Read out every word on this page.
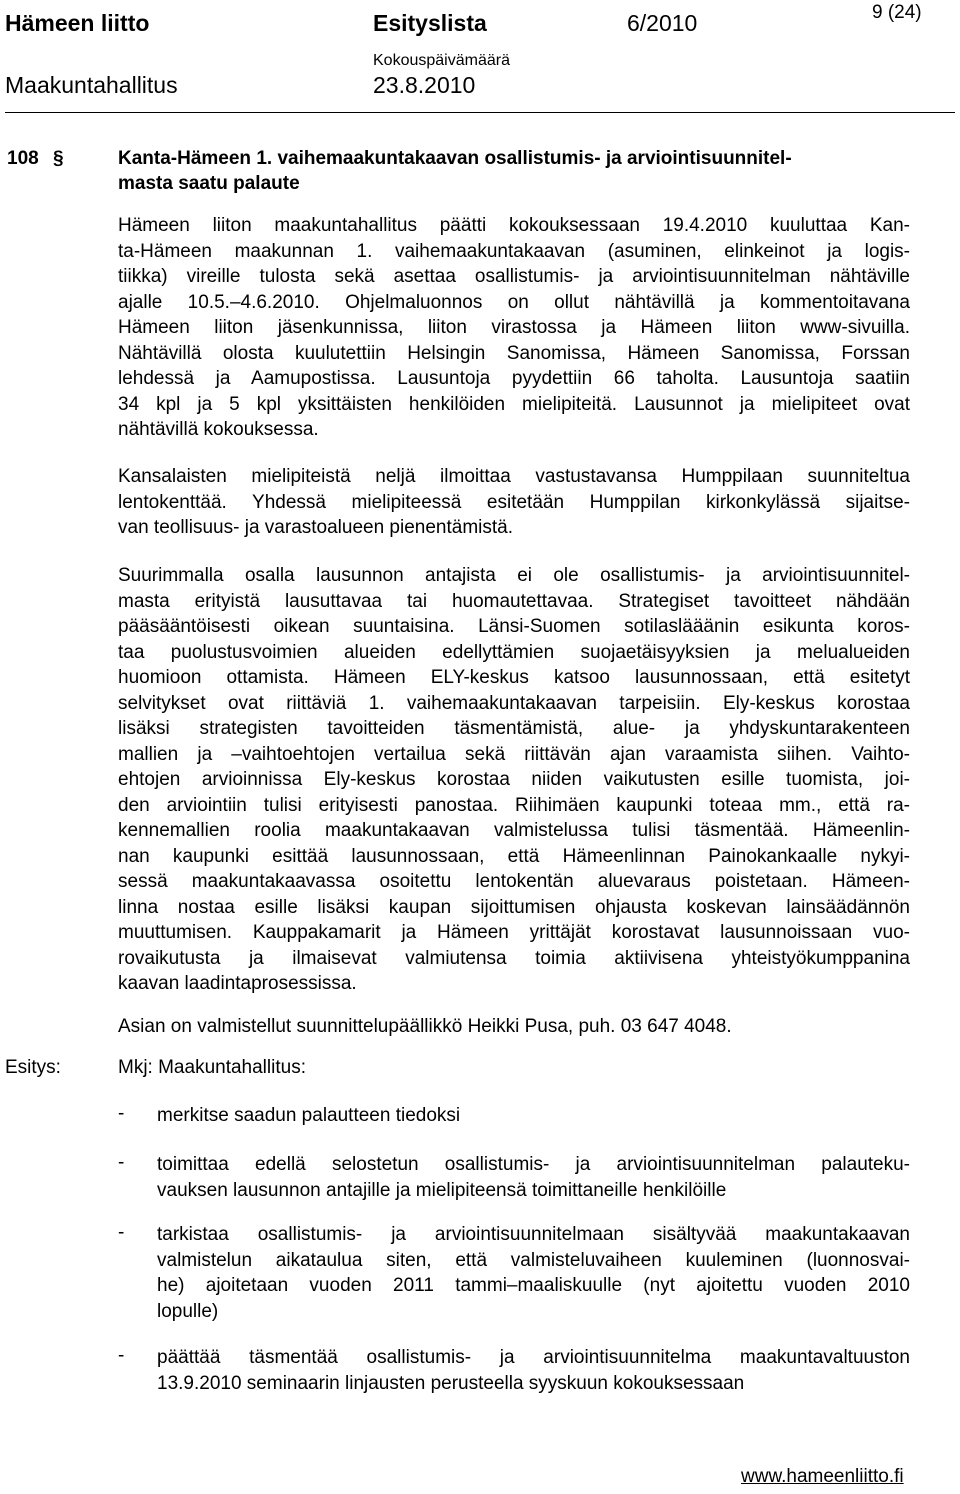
Hämeen liitto	Esityslista	6/2010	9 (24)
Maakuntahallitus
Kokouspäivämäärä
23.8.2010
108 §	Kanta-Hämeen 1. vaihemaakuntakaavan osallistumis- ja arviointisuunnitel-
masta saatu palaute
Hämeen liiton maakuntahallitus päätti kokouksessaan 19.4.2010 kuuluttaa Kan-
ta-Hämeen maakunnan 1. vaihemaakuntakaavan (asuminen, elinkeinot ja logis-
tiikka) vireille tulosta sekä asettaa osallistumis- ja arviointisuunnitelman nähtäville
ajalle 10.5.–4.6.2010. Ohjelmaluonnos on ollut nähtävillä ja kommentoitavana
Hämeen liiton jäsenkunnissa, liiton virastossa ja Hämeen liiton www-sivuilla.
Nähtävillä olosta kuulutettiin Helsingin Sanomissa, Hämeen Sanomissa, Forssan
lehdessä ja Aamupostissa. Lausuntoja pyydettiin 66 taholta. Lausuntoja saatiin
34 kpl ja 5 kpl yksittäisten henkilöiden mielipiteitä. Lausunnot ja mielipiteet ovat
nähtävillä kokouksessa.
Kansalaisten mielipiteistä neljä ilmoittaa vastustavansa Humppilaan suunniteltua
lentokenttää. Yhdessä mielipiteessä esitetään Humppilan kirkonkylässä sijaitse-
van teollisuus- ja varastoalueen pienentämistä.
Suurimmalla osalla lausunnon antajista ei ole osallistumis- ja arviointisuunnitel-
masta erityistä lausuttavaa tai huomautettavaa. Strategiset tavoitteet nähdään
pääsääntöisesti oikean suuntaisina. Länsi-Suomen sotilaslääänin esikunta koros-
taa puolustusvoimien alueiden edellyttämien suojaetäisyyksien ja melualueiden
huomioon ottamista. Hämeen ELY-keskus katsoo lausunnossaan, että esitetyt
selvitykset ovat riittäviä 1. vaihemaakuntakaavan tarpeisiin. Ely-keskus korostaa
lisäksi strategisten tavoitteiden täsmentämistä, alue- ja yhdyskuntarakenteen
mallien ja –vaihtoehtojen vertailua sekä riittävän ajan varaamista siihen. Vaihto-
ehtojen arvioinnissa Ely-keskus korostaa niiden vaikutusten esille tuomista, joi-
den arviointiin tulisi erityisesti panostaa. Riihimäen kaupunki toteaa mm., että ra-
kennemallien roolia maakuntakaavan valmistelussa tulisi täsmentää. Hämeenlin-
nan kaupunki esittää lausunnossaan, että Hämeenlinnan Painokankaalle nykyi-
sessä maakuntakaavassa osoitettu lentokentän aluevaraus poistetaan. Hämeen-
linna nostaa esille lisäksi kaupan sijoittumisen ohjausta koskevan lainsäädännön
muuttumisen. Kauppakamarit ja Hämeen yrittäjät korostavat lausunnoissaan vuo-
rovaikutusta ja ilmaisevat valmiutensa toimia aktiivisena yhteistyökumppanina
kaavan laadintaprosessissa.
Asian on valmistellut suunnittelupäällikkö Heikki Pusa, puh. 03 647 4048.
Esitys:	Mkj: Maakuntahallitus:
- merkitse saadun palautteen tiedoksi
- toimittaa edellä selostetun osallistumis- ja arviointisuunnitelman palauteku-
vauksen lausunnon antajille ja mielipiteensä toimittaneille henkilöille
- tarkistaa osallistumis- ja arviointisuunnitelmaan sisältyvää maakuntakaavan
valmistelun aikataulua siten, että valmisteluvaiheen kuuleminen (luonnosvai-
he) ajoitetaan vuoden 2011 tammi–maaliskuulle (nyt ajoitettu vuoden 2010
lopulle)
- päättää täsmentää osallistumis- ja arviointisuunnitelma maakuntavaltuuston
13.9.2010 seminaarin linjausten perusteella syyskuun kokouksessaan
www.hameenliitto.fi
